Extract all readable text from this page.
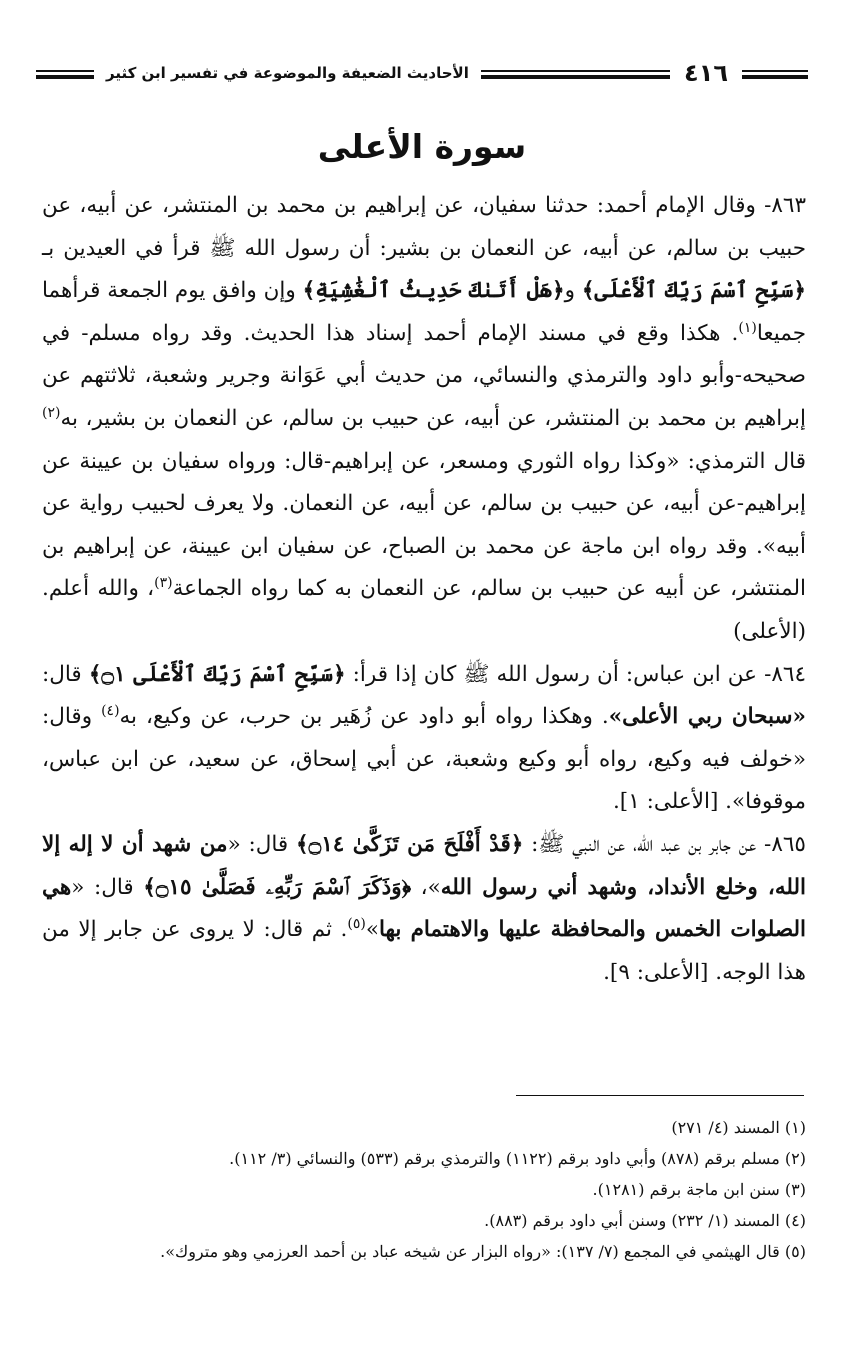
٤١٦
الأحاديث الضعيفة والموضوعة في تفسير ابن كثير
سورة الأعلى

٨٦٣- وقال الإمام أحمد: حدثنا سفيان، عن إبراهيم بن محمد بن المنتشر، عن أبيه، عن حبيب بن سالم، عن أبيه، عن النعمان بن بشير: أن رسول الله ﷺ قرأ في العيدين بـ ﴿سَبِّحِ ٱسْمَ رَبِّكَ ٱلْأَعْلَى﴾ و﴿هَلْ أَتَىٰكَ حَدِيثُ ٱلْغَٰشِيَةِ﴾ وإن وافق يوم الجمعة قرأهما جميعا$^{(١)}$. هكذا وقع في مسند الإمام أحمد إسناد هذا الحديث. وقد رواه مسلم- في صحيحه-وأبو داود والترمذي والنسائي، من حديث أبي عَوَانة وجرير وشعبة، ثلاثتهم عن إبراهيم بن محمد بن المنتشر، عن أبيه، عن حبيب بن سالم، عن النعمان بن بشير، به$^{(٢)}$ قال الترمذي: «وكذا رواه الثوري ومسعر، عن إبراهيم-قال: ورواه سفيان بن عيينة عن إبراهيم-عن أبيه، عن حبيب بن سالم، عن أبيه، عن النعمان. ولا يعرف لحبيب رواية عن أبيه». وقد رواه ابن ماجة عن محمد بن الصباح، عن سفيان ابن عيينة، عن إبراهيم بن المنتشر، عن أبيه عن حبيب بن سالم، عن النعمان به كما رواه الجماعة$^{(٣)}$، والله أعلم. (الأعلى)

٨٦٤- عن ابن عباس: أن رسول الله ﷺ كان إذا قرأ: ﴿سَبِّحِ ٱسْمَ رَبِّكَ ٱلْأَعْلَى ۝١﴾ قال: «سبحان ربي الأعلى». وهكذا رواه أبو داود عن زُهَير بن حرب، عن وكيع، به$^{(٤)}$ وقال: «خولف فيه وكيع، رواه أبو وكيع وشعبة، عن أبي إسحاق، عن سعيد، عن ابن عباس، موقوفا». [الأعلى: ١].

٨٦٥- عن جابر بن عبد الله، عن النبي ﷺ: ﴿قَدْ أَفْلَحَ مَن تَزَكَّىٰ ۝١٤﴾ قال: «من شهد أن لا إله إلا الله، وخلع الأنداد، وشهد أني رسول الله»، ﴿وَذَكَرَ ٱسْمَ رَبِّهِۦ فَصَلَّىٰ ۝١٥﴾ قال: «هي الصلوات الخمس والمحافظة عليها والاهتمام بها»$^{(٥)}$. ثم قال: لا يروى عن جابر إلا من هذا الوجه. [الأعلى: ٩].

(١) المسند (٤/ ٢٧١)
(٢) مسلم برقم (٨٧٨) وأبي داود برقم (١١٢٢) والترمذي برقم (٥٣٣) والنسائي (٣/ ١١٢).
(٣) سنن ابن ماجة برقم (١٢٨١).
(٤) المسند (١/ ٢٣٢) وسنن أبي داود برقم (٨٨٣).
(٥) قال الهيثمي في المجمع (٧/ ١٣٧): «رواه البزار عن شيخه عباد بن أحمد العرزمي وهو متروك».
